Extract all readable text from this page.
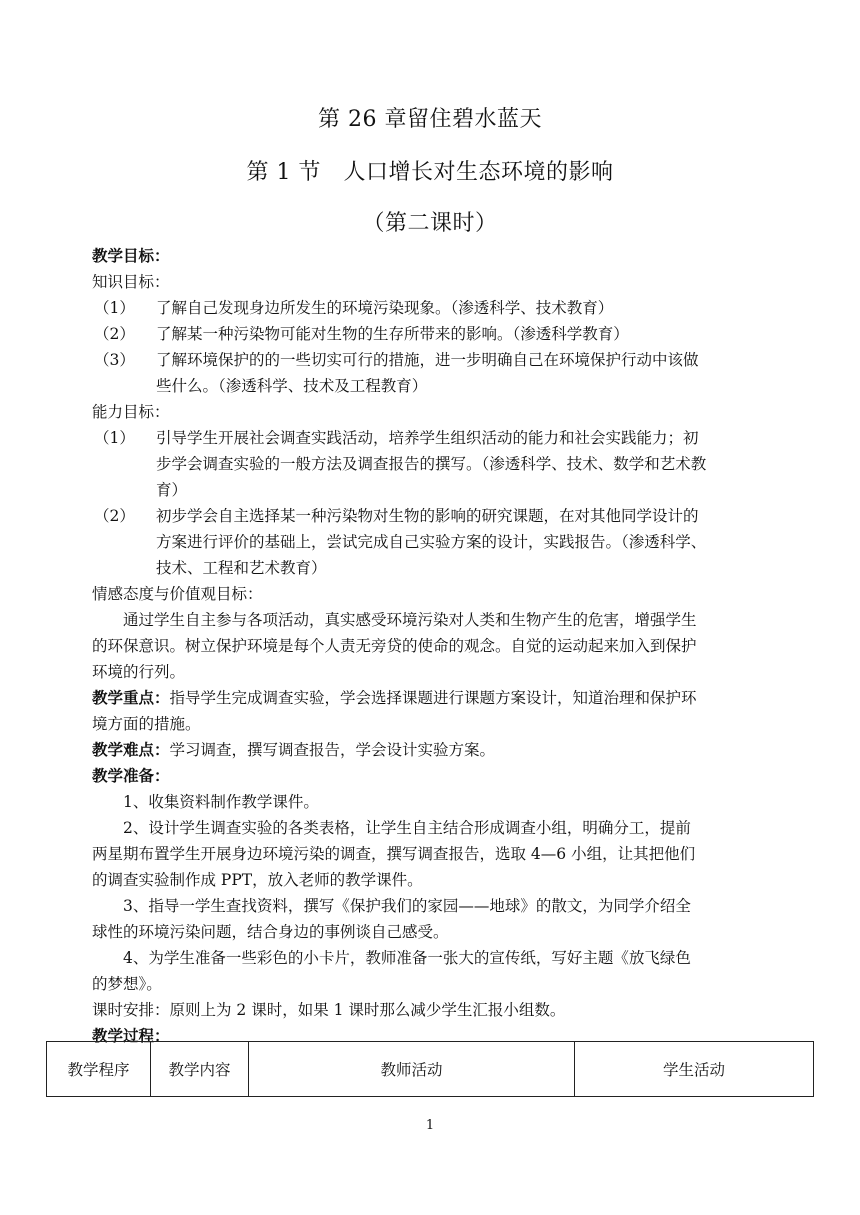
第 26 章留住碧水蓝天
第 1 节　人口增长对生态环境的影响
（第二课时）
教学目标：
知识目标：
（1）	了解自己发现身边所发生的环境污染现象。（渗透科学、技术教育）
（2）	了解某一种污染物可能对生物的生存所带来的影响。（渗透科学教育）
（3）	了解环境保护的的一些切实可行的措施，进一步明确自己在环境保护行动中该做
些什么。（渗透科学、技术及工程教育）
能力目标：
（1）	引导学生开展社会调查实践活动，培养学生组织活动的能力和社会实践能力；初
步学会调查实验的一般方法及调查报告的撰写。（渗透科学、技术、数学和艺术教
育）
（2）	初步学会自主选择某一种污染物对生物的影响的研究课题，在对其他同学设计的
方案进行评价的基础上，尝试完成自己实验方案的设计，实践报告。（渗透科学、
技术、工程和艺术教育）
情感态度与价值观目标：
通过学生自主参与各项活动，真实感受环境污染对人类和生物产生的危害，增强学生
的环保意识。树立保护环境是每个人责无旁贷的使命的观念。自觉的运动起来加入到保护
环境的行列。
教学重点：指导学生完成调查实验，学会选择课题进行课题方案设计，知道治理和保护环
境方面的措施。
教学难点：学习调查，撰写调查报告，学会设计实验方案。
教学准备：
1、收集资料制作教学课件。
2、设计学生调查实验的各类表格，让学生自主结合形成调查小组，明确分工，提前
两星期布置学生开展身边环境污染的调查，撰写调查报告，选取 4—6 小组，让其把他们
的调查实验制作成 PPT，放入老师的教学课件。
3、指导一学生查找资料，撰写《保护我们的家园——地球》的散文，为同学介绍全
球性的环境污染问题，结合身边的事例谈自己感受。
4、为学生准备一些彩色的小卡片，教师准备一张大的宣传纸，写好主题《放飞绿色
的梦想》。
课时安排：原则上为 2 课时，如果 1 课时那么减少学生汇报小组数。
教学过程：
教学程序	教学内容	教师活动	学生活动
1
